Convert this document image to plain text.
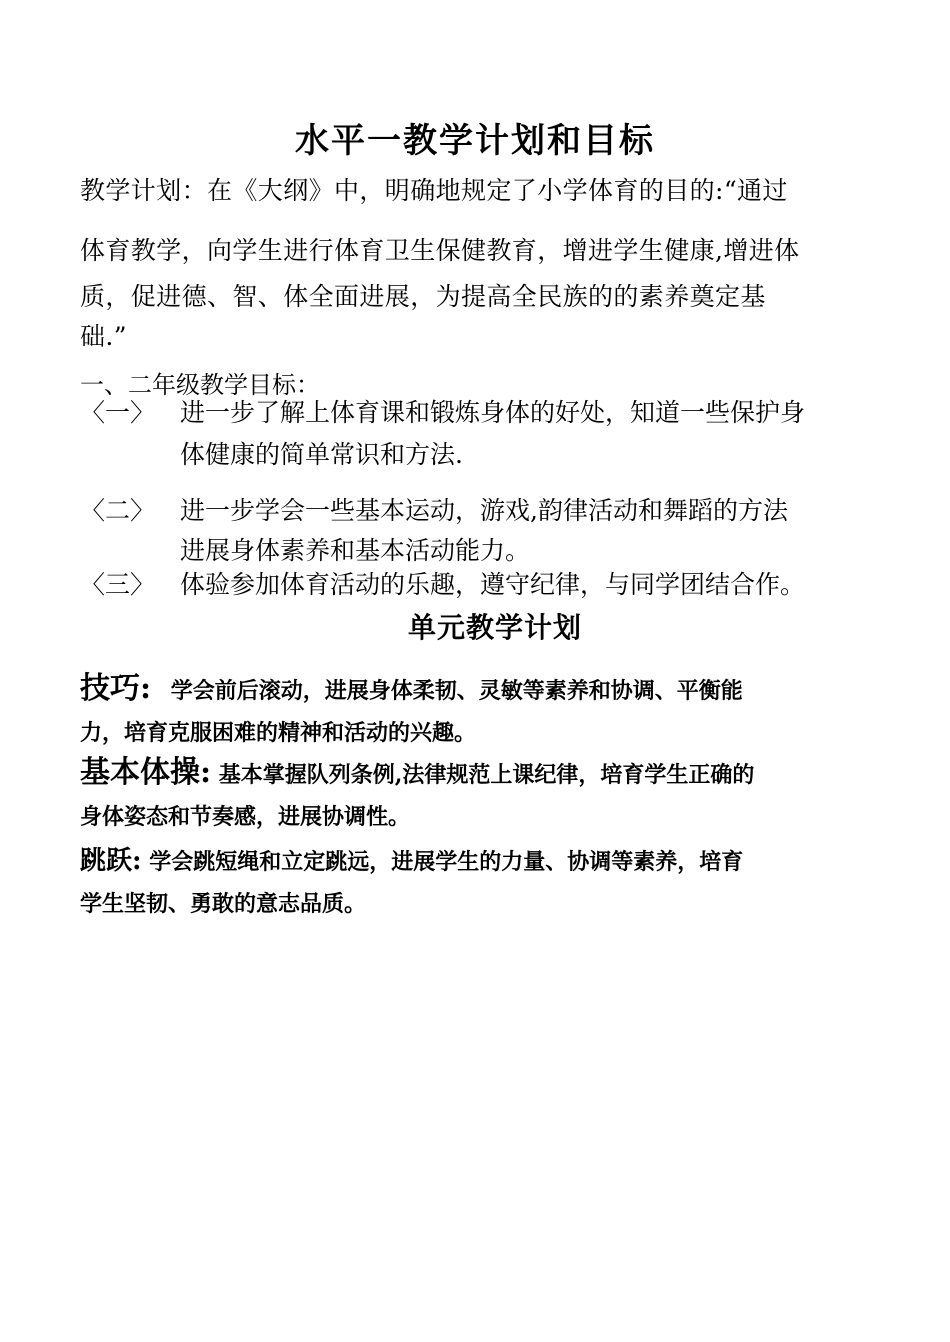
水平一教学计划和目标
教学计划：在《大纲》中，明确地规定了小学体育的目的:“通过
体育教学，向学生进行体育卫生保健教育，增进学生健康,增进体
质，促进德、智、体全面进展，为提高全民族的的素养奠定基
础.”
一、二年级教学目标：
〈一〉 进一步了解上体育课和锻炼身体的好处，知道一些保护身
体健康的简单常识和方法.
〈二〉 进一步学会一些基本运动，游戏,韵律活动和舞蹈的方法
进展身体素养和基本活动能力。
〈三〉 体验参加体育活动的乐趣，遵守纪律，与同学团结合作。
单元教学计划
技巧: 学会前后滚动，进展身体柔韧、灵敏等素养和协调、平衡能
力，培育克服困难的精神和活动的兴趣。
基本体操: 基本掌握队列条例,法律规范上课纪律，培育学生正确的
身体姿态和节奏感，进展协调性。
跳跃: 学会跳短绳和立定跳远，进展学生的力量、协调等素养，培育
学生坚韧、勇敢的意志品质。
